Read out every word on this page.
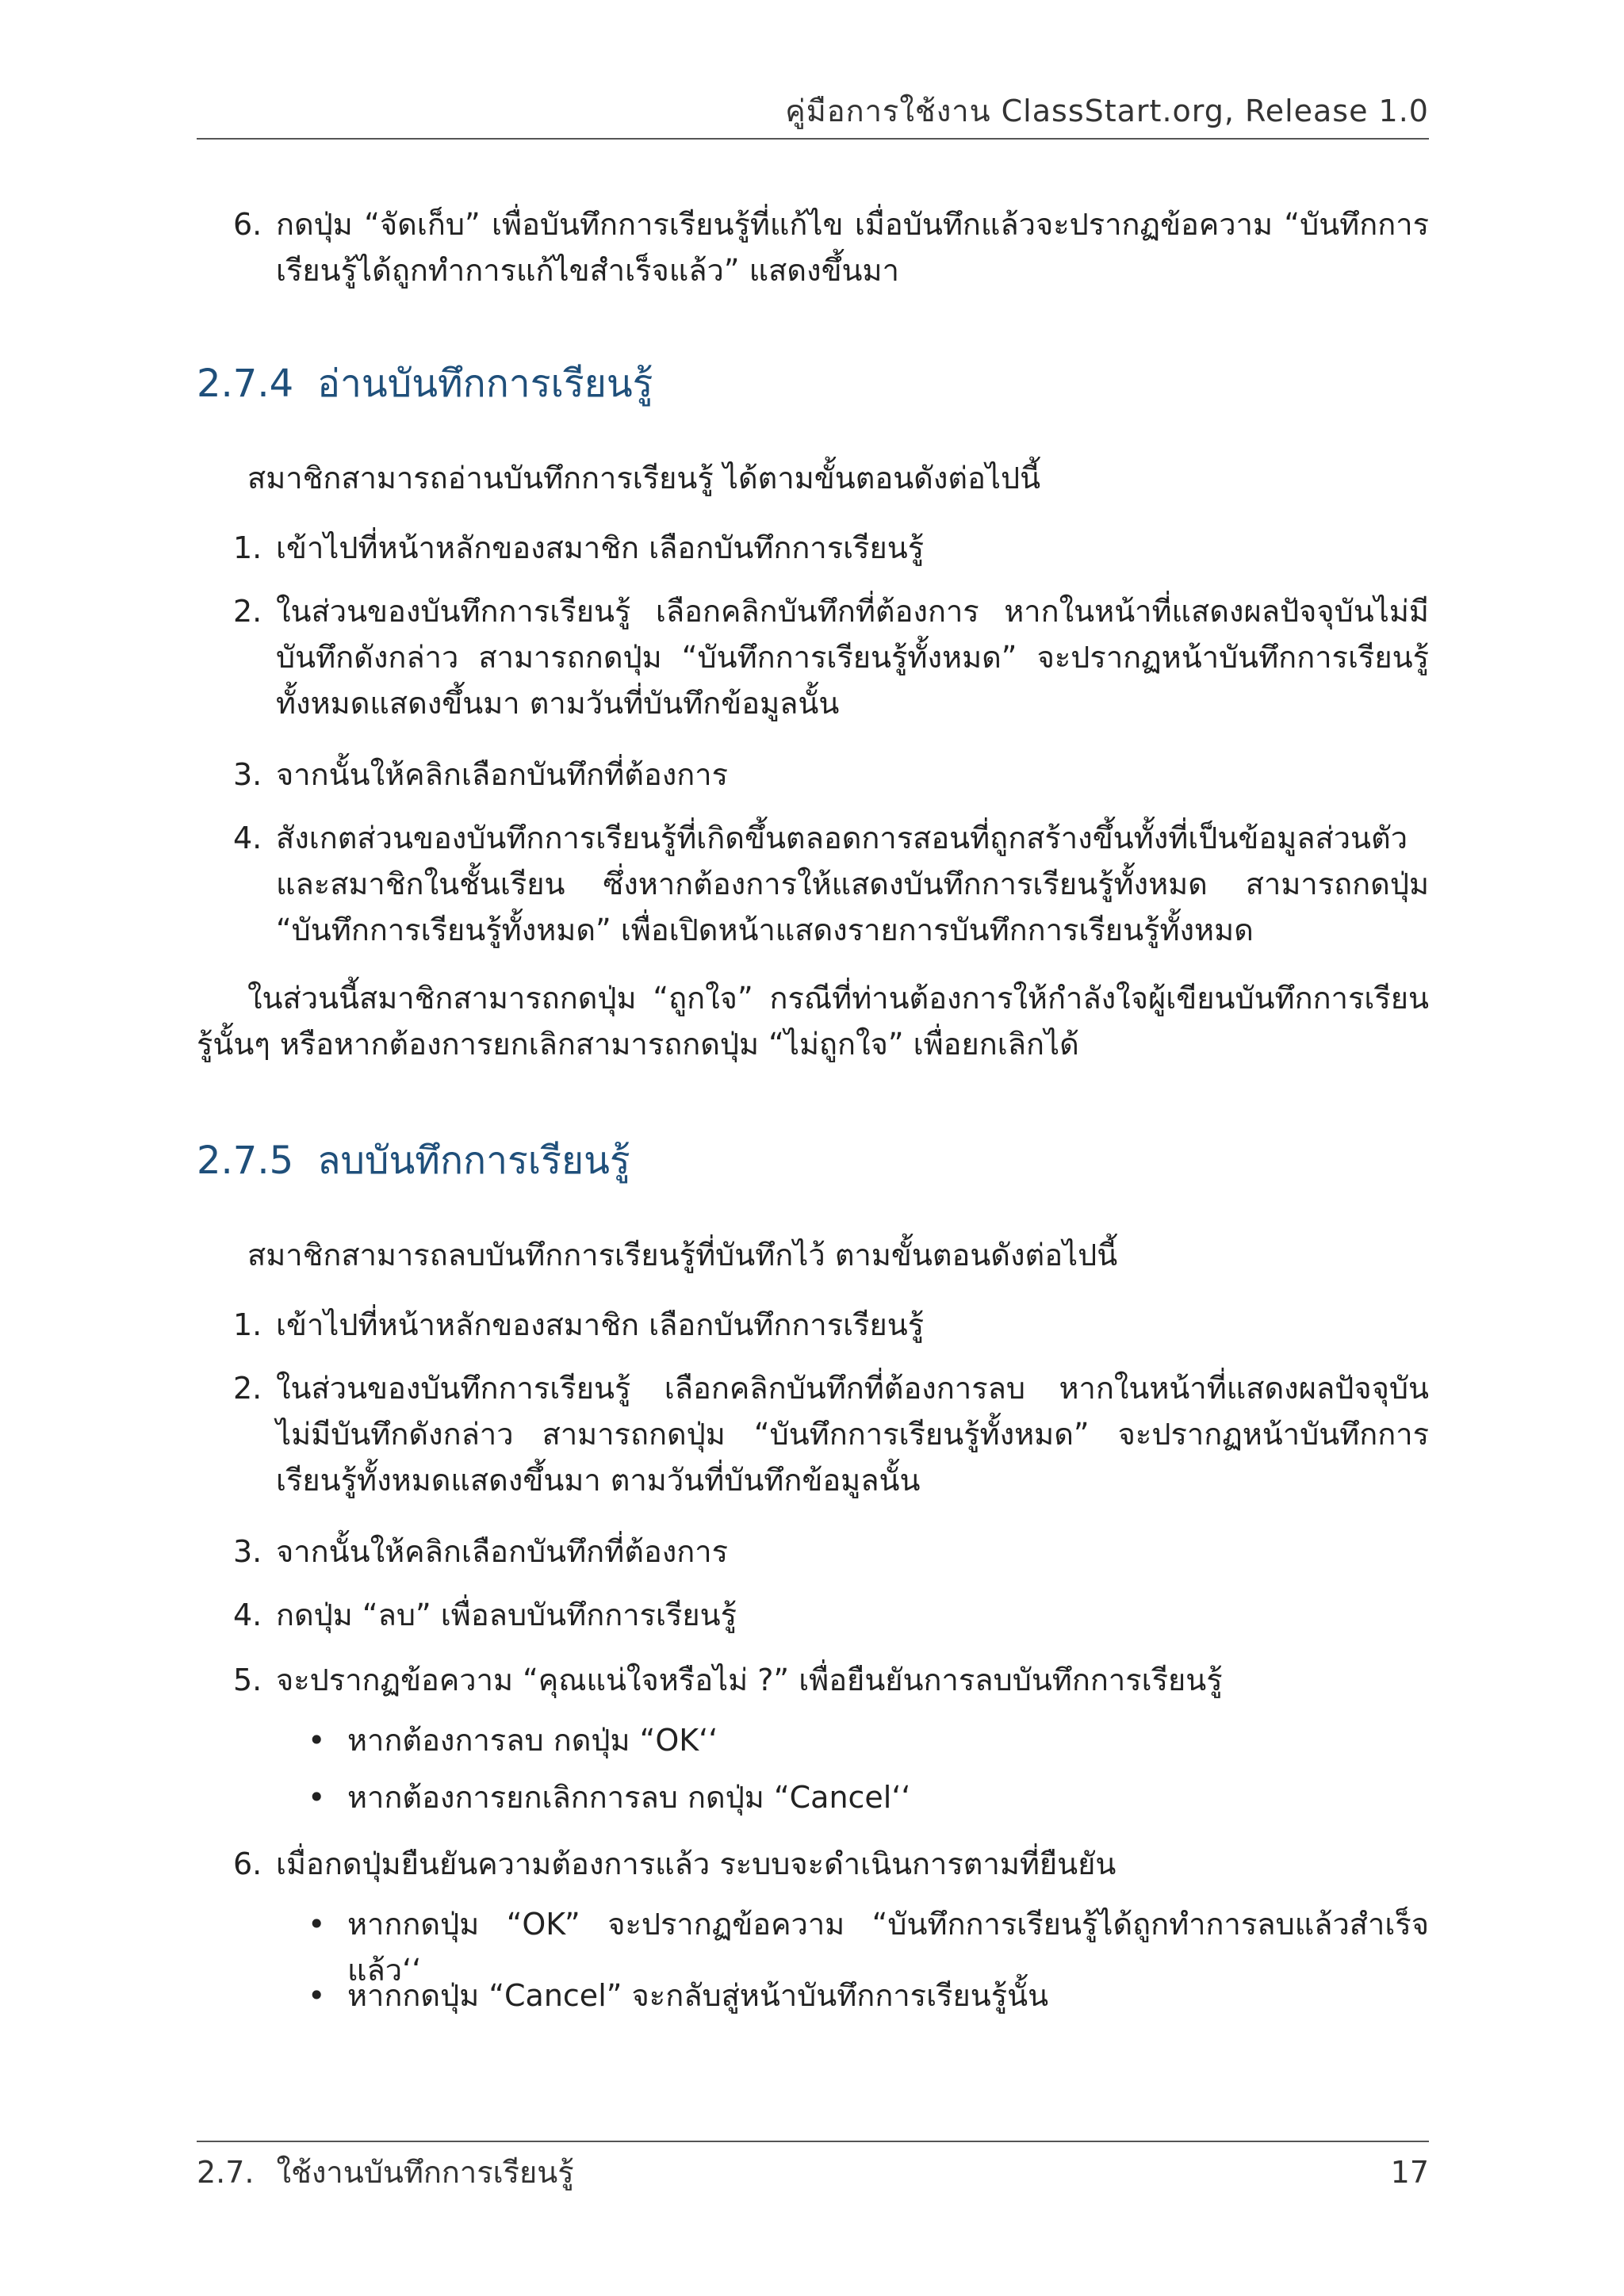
คู่มือการใช้งาน ClassStart.org, Release 1.0
6. กดปุ่ม “จัดเก็บ” เพื่อบันทึกการเรียนรู้ที่แก้ไข เมื่อบันทึกแล้วจะปรากฏข้อความ “บันทึกการเรียนรู้ได้ถูกทำการแก้ไขสำเร็จแล้ว” แสดงขึ้นมา
2.7.4 อ่านบันทึกการเรียนรู้
สมาชิกสามารถอ่านบันทึกการเรียนรู้ ได้ตามขั้นตอนดังต่อไปนี้
1. เข้าไปที่หน้าหลักของสมาชิก เลือกบันทึกการเรียนรู้
2. ในส่วนของบันทึกการเรียนรู้ เลือกคลิกบันทึกที่ต้องการ หากในหน้าที่แสดงผลปัจจุบันไม่มีบันทึกดังกล่าว สามารถกดปุ่ม “บันทึกการเรียนรู้ทั้งหมด” จะปรากฏหน้าบันทึกการเรียนรู้ทั้งหมดแสดงขึ้นมา ตามวันที่บันทึกข้อมูลนั้น
3. จากนั้นให้คลิกเลือกบันทึกที่ต้องการ
4. สังเกตส่วนของบันทึกการเรียนรู้ที่เกิดขึ้นตลอดการสอนที่ถูกสร้างขึ้นทั้งที่เป็นข้อมูลส่วนตัวและสมาชิกในชั้นเรียน ซึ่งหากต้องการให้แสดงบันทึกการเรียนรู้ทั้งหมด สามารถกดปุ่ม “บันทึกการเรียนรู้ทั้งหมด” เพื่อเปิดหน้าแสดงรายการบันทึกการเรียนรู้ทั้งหมด
ในส่วนนี้สมาชิกสามารถกดปุ่ม “ถูกใจ” กรณีที่ท่านต้องการให้กำลังใจผู้เขียนบันทึกการเรียนรู้นั้นๆ หรือหากต้องการยกเลิกสามารถกดปุ่ม “ไม่ถูกใจ” เพื่อยกเลิกได้
2.7.5 ลบบันทึกการเรียนรู้
สมาชิกสามารถลบบันทึกการเรียนรู้ที่บันทึกไว้ ตามขั้นตอนดังต่อไปนี้
1. เข้าไปที่หน้าหลักของสมาชิก เลือกบันทึกการเรียนรู้
2. ในส่วนของบันทึกการเรียนรู้ เลือกคลิกบันทึกที่ต้องการลบ หากในหน้าที่แสดงผลปัจจุบันไม่มีบันทึกดังกล่าว สามารถกดปุ่ม “บันทึกการเรียนรู้ทั้งหมด” จะปรากฏหน้าบันทึกการเรียนรู้ทั้งหมดแสดงขึ้นมา ตามวันที่บันทึกข้อมูลนั้น
3. จากนั้นให้คลิกเลือกบันทึกที่ต้องการ
4. กดปุ่ม “ลบ” เพื่อลบบันทึกการเรียนรู้
5. จะปรากฏข้อความ “คุณแน่ใจหรือไม่ ?” เพื่อยืนยันการลบบันทึกการเรียนรู้
• หากต้องการลบ กดปุ่ม “OK‘‘
• หากต้องการยกเลิกการลบ กดปุ่ม “Cancel‘‘
6. เมื่อกดปุ่มยืนยันความต้องการแล้ว ระบบจะดำเนินการตามที่ยืนยัน
• หากกดปุ่ม “OK” จะปรากฏข้อความ “บันทึกการเรียนรู้ได้ถูกทำการลบแล้วสำเร็จแล้ว‘‘
• หากกดปุ่ม “Cancel” จะกลับสู่หน้าบันทึกการเรียนรู้นั้น
2.7. ใช้งานบันทึกการเรียนรู้	17
